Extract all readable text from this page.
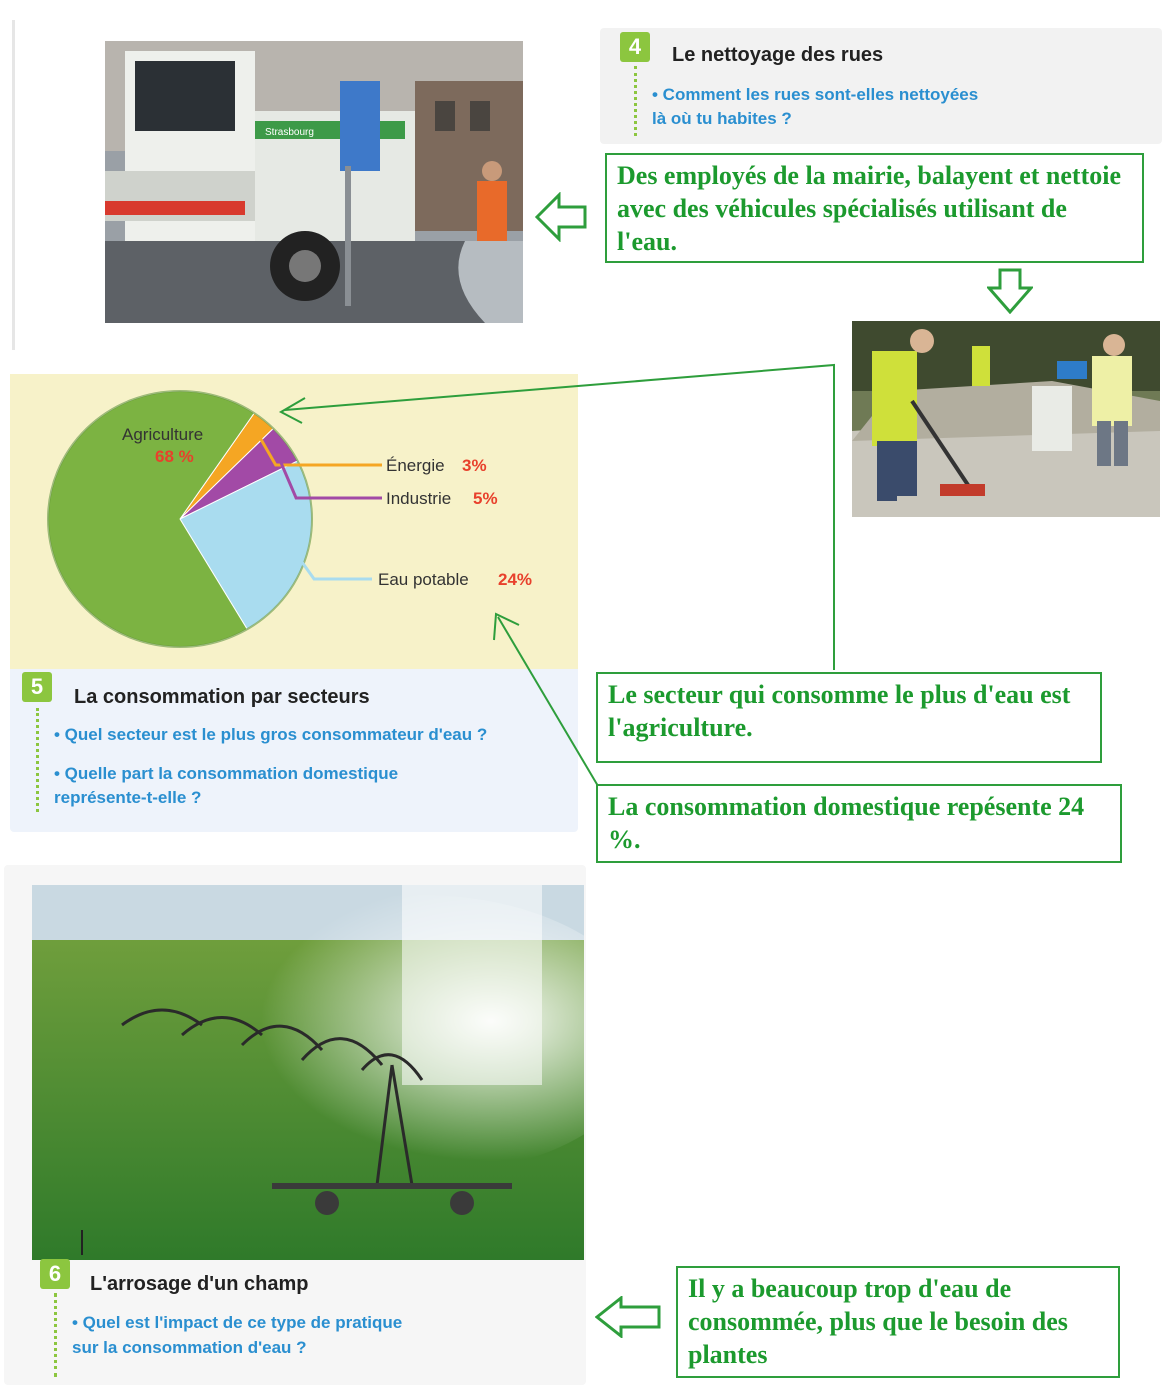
Strasbourg
4	Le nettoyage des rues
• Comment les rues sont-elles nettoyées
là où tu habites ?
Des employés de la mairie, balayent et nettoie avec des véhicules spécialisés utilisant de l'eau.
Agriculture
68 %	Énergie 3%
Industrie 5%
Eau potable 24%
5	La consommation par secteurs
• Quel secteur est le plus gros consommateur d'eau ?
• Quelle part la consommation domestique
représente-t-elle ?
Le secteur qui consomme le plus d'eau est l'agriculture.
La consommation domestique repésente 24 %.
6	L'arrosage d'un champ
• Quel est l'impact de ce type de pratique
sur la consommation d'eau ?
Il y a beaucoup trop d'eau de consommée, plus que le besoin des plantes
